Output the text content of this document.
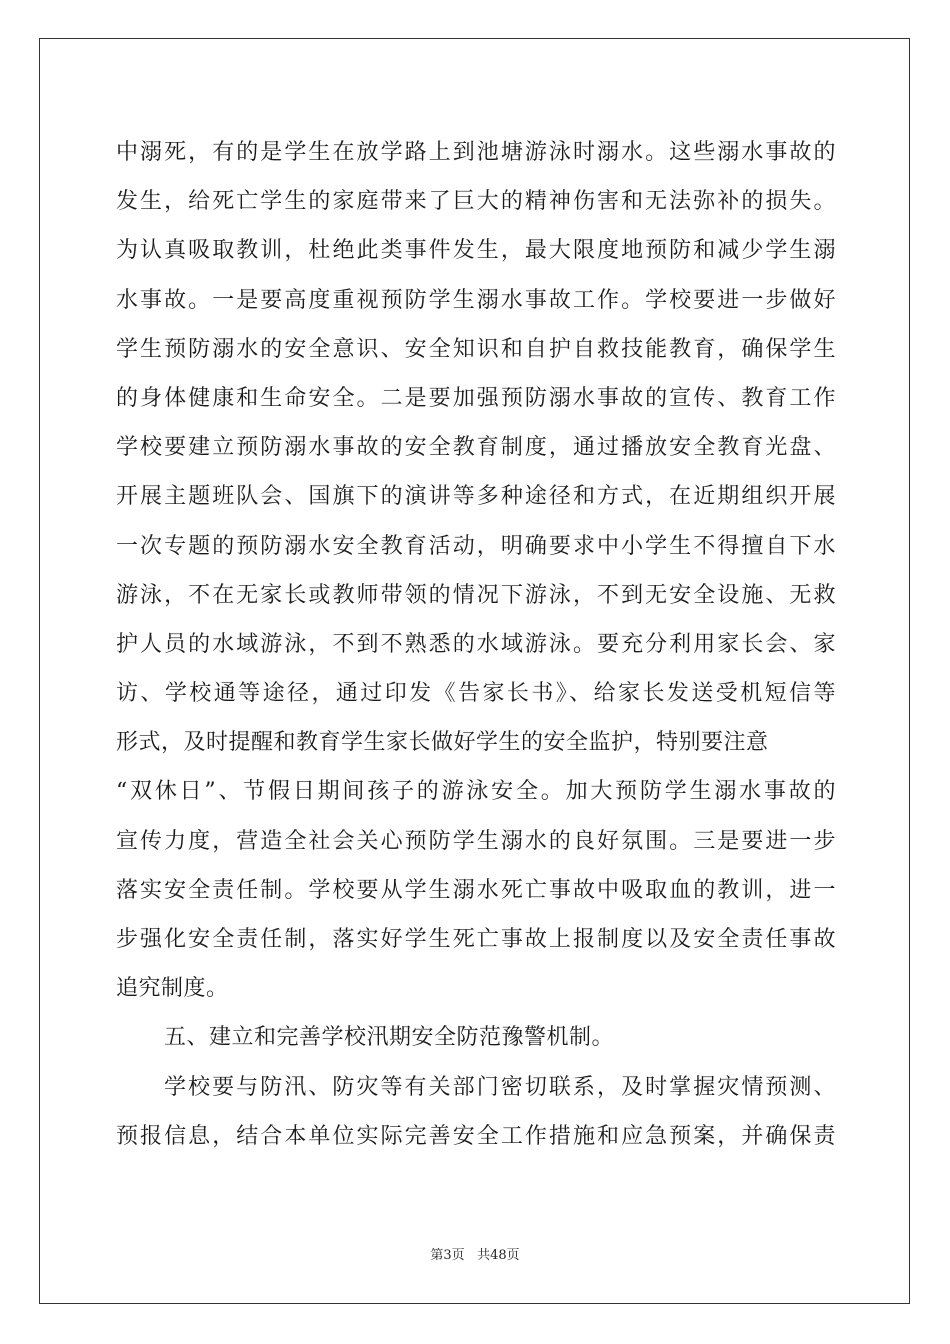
中溺死，有的是学生在放学路上到池塘游泳时溺水。这些溺水事故的
发生，给死亡学生的家庭带来了巨大的精神伤害和无法弥补的损失。
为认真吸取教训，杜绝此类事件发生，最大限度地预防和减少学生溺
水事故。一是要高度重视预防学生溺水事故工作。学校要进一步做好
学生预防溺水的安全意识、安全知识和自护自救技能教育，确保学生
的身体健康和生命安全。二是要加强预防溺水事故的宣传、教育工作
学校要建立预防溺水事故的安全教育制度，通过播放安全教育光盘、
开展主题班队会、国旗下的演讲等多种途径和方式，在近期组织开展
一次专题的预防溺水安全教育活动，明确要求中小学生不得擅自下水
游泳，不在无家长或教师带领的情况下游泳，不到无安全设施、无救
护人员的水域游泳，不到不熟悉的水域游泳。要充分利用家长会、家
访、学校通等途径，通过印发《告家长书》、给家长发送受机短信等
形式，及时提醒和教育学生家长做好学生的安全监护，特别要注意
“双休日”、节假日期间孩子的游泳安全。加大预防学生溺水事故的
宣传力度，营造全社会关心预防学生溺水的良好氛围。三是要进一步
落实安全责任制。学校要从学生溺水死亡事故中吸取血的教训，进一
步强化安全责任制，落实好学生死亡事故上报制度以及安全责任事故
追究制度。
五、建立和完善学校汛期安全防范豫警机制。
学校要与防汛、防灾等有关部门密切联系，及时掌握灾情预测、
预报信息，结合本单位实际完善安全工作措施和应急预案，并确保责
第3页 共48页
